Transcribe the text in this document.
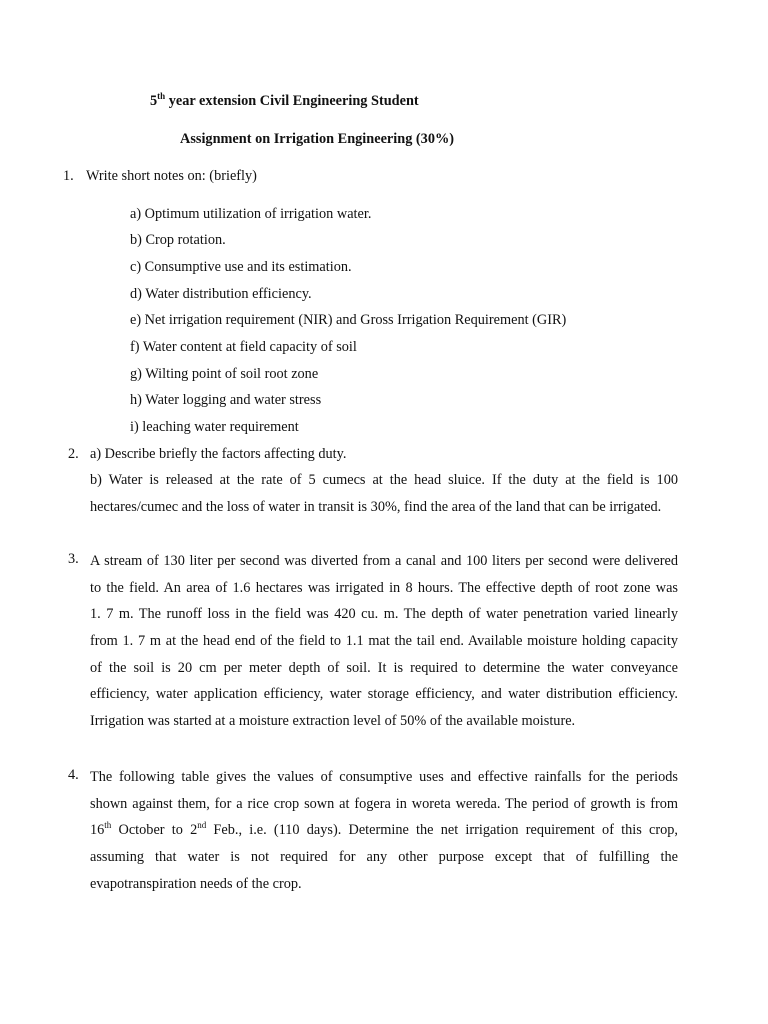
5th year extension Civil Engineering Student
Assignment on Irrigation Engineering (30%)
1. Write short notes on: (briefly)
a) Optimum utilization of irrigation water.
b) Crop rotation.
c) Consumptive use and its estimation.
d) Water distribution efficiency.
e) Net irrigation requirement (NIR) and Gross Irrigation Requirement (GIR)
f) Water content at field capacity of soil
g) Wilting point of soil root zone
h) Water logging and water stress
i) leaching water requirement
2. a) Describe briefly the factors affecting duty.
b) Water is released at the rate of 5 cumecs at the head sluice. If the duty at the field is 100
hectares/cumec and the loss of water in transit is 30%, find the area of the land that can be irrigated.
3. A stream of 130 liter per second was diverted from a canal and 100 liters per second were delivered
to the field. An area of 1.6 hectares was irrigated in 8 hours. The effective depth of root zone was
1. 7 m. The runoff loss in the field was 420 cu. m. The depth of water penetration varied linearly
from 1. 7 m at the head end of the field to 1.1 mat the tail end. Available moisture holding capacity
of the soil is 20 cm per meter depth of soil. It is required to determine the water conveyance
efficiency, water application efficiency, water storage efficiency, and water distribution efficiency.
Irrigation was started at a moisture extraction level of 50% of the available moisture.
4. The following table gives the values of consumptive uses and effective rainfalls for the periods
shown against them, for a rice crop sown at fogera in woreta wereda. The period of growth is from
16th October to 2nd Feb., i.e. (110 days). Determine the net irrigation requirement of this crop,
assuming that water is not required for any other purpose except that of fulfilling the
evapotranspiration needs of the crop.
